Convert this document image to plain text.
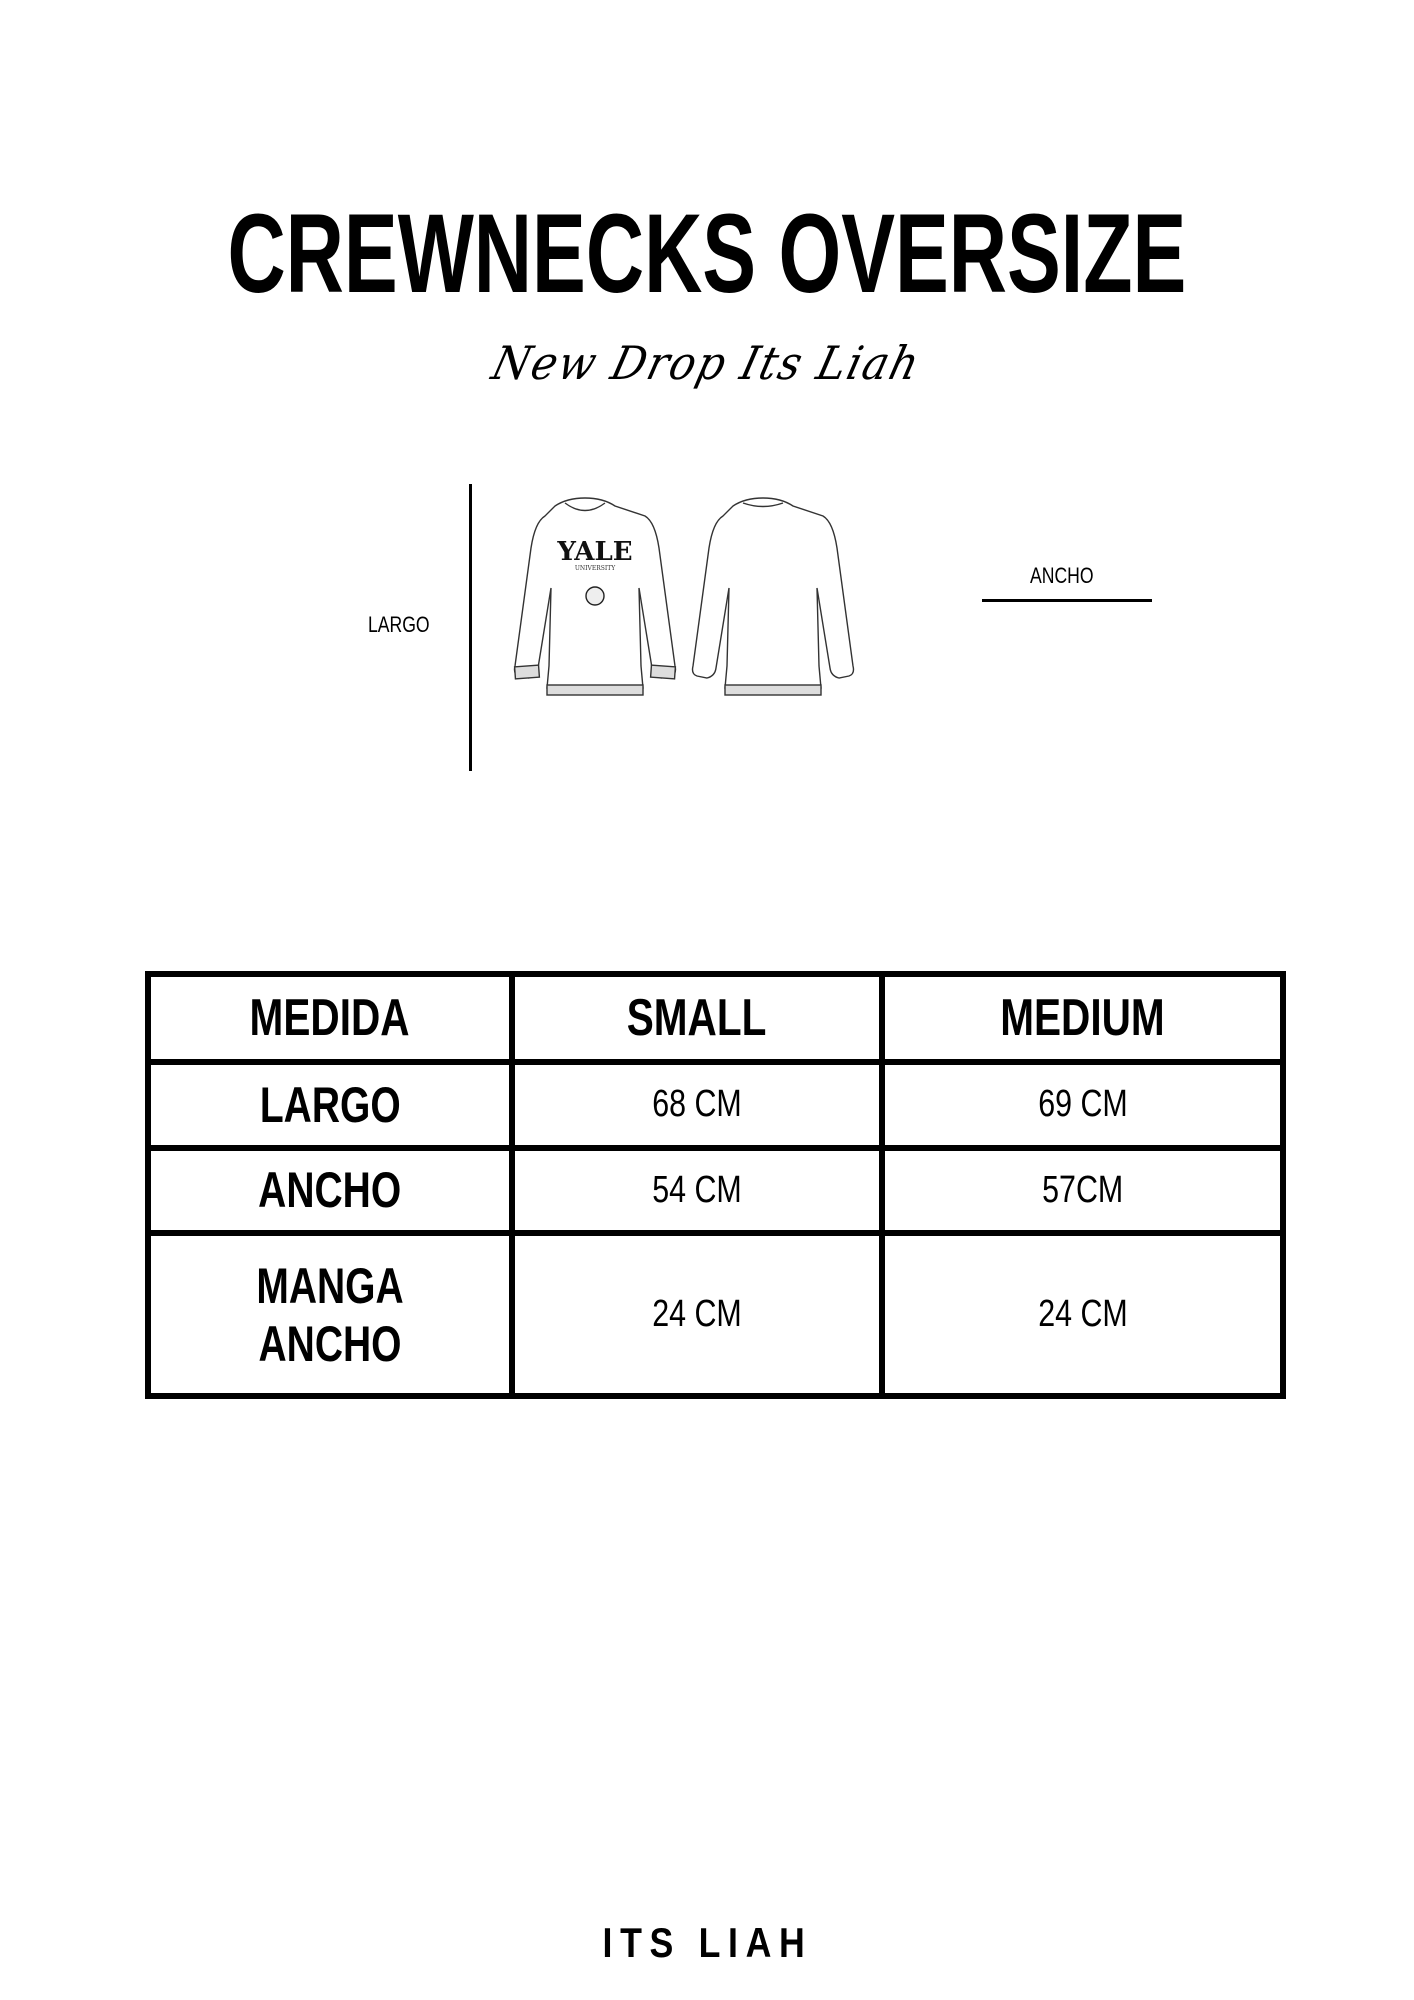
CREWNECKS OVERSIZE
New Drop Its Liah
LARGO
YALE
UNIVERSITY	ANCHO
MEDIDA	SMALL	MEDIUM
LARGO	68 CM	69 CM
ANCHO	54 CM	57CM
MANGA ANCHO	24 CM	24 CM
ITS LIAH
